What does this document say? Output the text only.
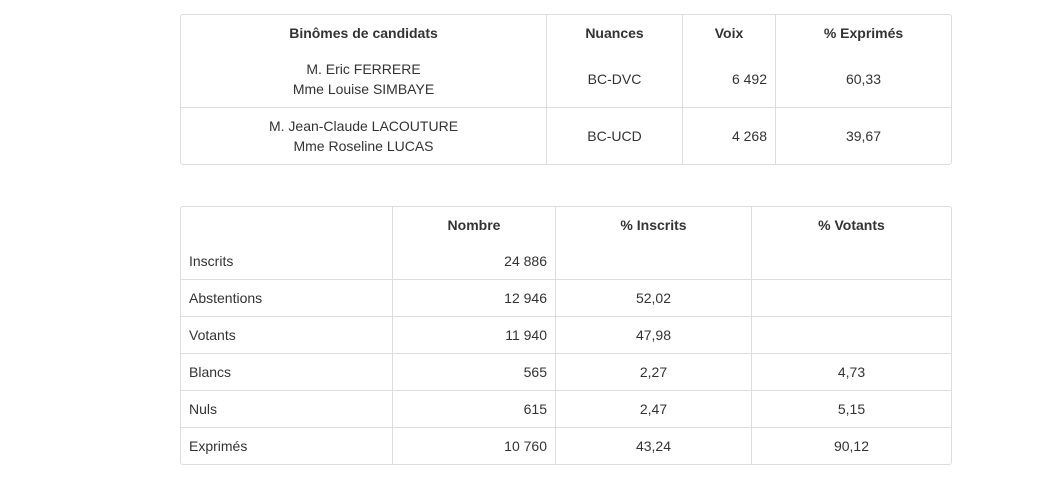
Binômes de candidats	Nuances	Voix	% Exprimés

M. Eric FERRERE
Mme Louise SIMBAYE	BC-DVC	6 492	60,33

M. Jean-Claude LACOUTURE
Mme Roseline LUCAS	BC-UCD	4 268	39,67
	Nombre	% Inscrits	% Votants
Inscrits	24 886		
Abstentions	12 946	52,02	
Votants	11 940	47,98	
Blancs	565	2,27	4,73
Nuls	615	2,47	5,15
Exprimés	10 760	43,24	90,12
